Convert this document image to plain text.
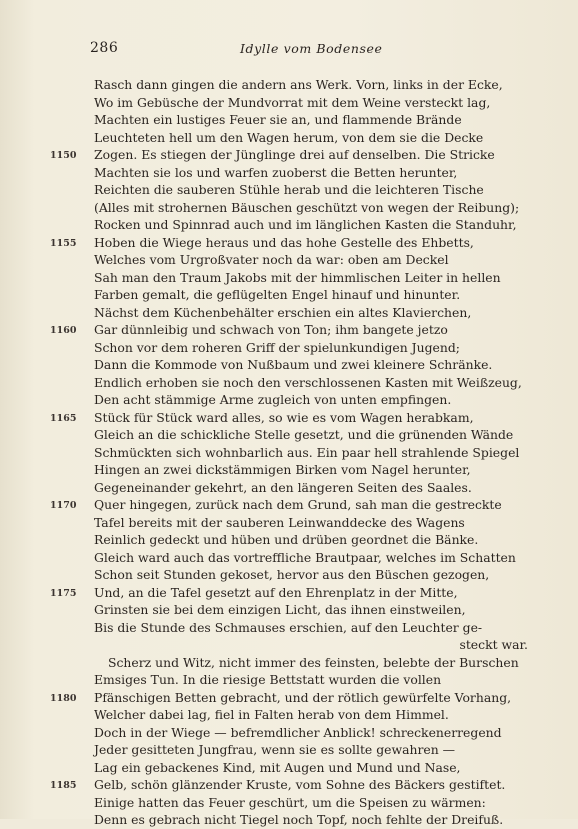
286	Idylle vom Bodensee
Rasch dann gingen die andern ans Werk. Vorn, links in der Ecke,
Wo im Gebüsche der Mundvorrat mit dem Weine versteckt lag,
Machten ein lustiges Feuer sie an, und flammende Brände
Leuchteten hell um den Wagen herum, von dem sie die Decke
1150 Zogen. Es stiegen der Jünglinge drei auf denselben. Die Stricke
Machten sie los und warfen zuoberst die Betten herunter,
Reichten die sauberen Stühle herab und die leichteren Tische
(Alles mit strohernen Bäuschen geschützt von wegen der Reibung);
Rocken und Spinnrad auch und im länglichen Kasten die Standuhr,
1155 Hoben die Wiege heraus und das hohe Gestelle des Ehbetts,
Welches vom Urgroßvater noch da war: oben am Deckel
Sah man den Traum Jakobs mit der himmlischen Leiter in hellen
Farben gemalt, die geflügelten Engel hinauf und hinunter.
Nächst dem Küchenbehälter erschien ein altes Klavierchen,
1160 Gar dünnleibig und schwach von Ton; ihm bangete jetzo
Schon vor dem roheren Griff der spielunkundigen Jugend;
Dann die Kommode von Nußbaum und zwei kleinere Schränke.
Endlich erhoben sie noch den verschlossenen Kasten mit Weißzeug,
Den acht stämmige Arme zugleich von unten empfingen.
1165 Stück für Stück ward alles, so wie es vom Wagen herabkam,
Gleich an die schickliche Stelle gesetzt, und die grünenden Wände
Schmückten sich wohnbarlich aus. Ein paar hell strahlende Spiegel
Hingen an zwei dickstämmigen Birken vom Nagel herunter,
Gegeneinander gekehrt, an den längeren Seiten des Saales.
1170 Quer hingegen, zurück nach dem Grund, sah man die gestreckte
Tafel bereits mit der sauberen Leinwanddecke des Wagens
Reinlich gedeckt und hüben und drüben geordnet die Bänke.
Gleich ward auch das vortreffliche Brautpaar, welches im Schatten
Schon seit Stunden gekoset, hervor aus den Büschen gezogen,
1175 Und, an die Tafel gesetzt auf den Ehrenplatz in der Mitte,
Grinsten sie bei dem einzigen Licht, das ihnen einstweilen,
Bis die Stunde des Schmauses erschien, auf den Leuchter ge-
steckt war.
Scherz und Witz, nicht immer des feinsten, belebte der Burschen
Emsiges Tun. In die riesige Bettstatt wurden die vollen
1180 Pfänschigen Betten gebracht, und der rötlich gewürfelte Vorhang,
Welcher dabei lag, fiel in Falten herab von dem Himmel.
Doch in der Wiege — befremdlicher Anblick! schreckenerregend
Jeder gesitteten Jungfrau, wenn sie es sollte gewahren —
Lag ein gebackenes Kind, mit Augen und Mund und Nase,
1185 Gelb, schön glänzender Kruste, vom Sohne des Bäckers gestiftet.
Einige hatten das Feuer geschürt, um die Speisen zu wärmen:
Denn es gebrach nicht Tiegel noch Topf, noch fehlte der Dreifuß.
